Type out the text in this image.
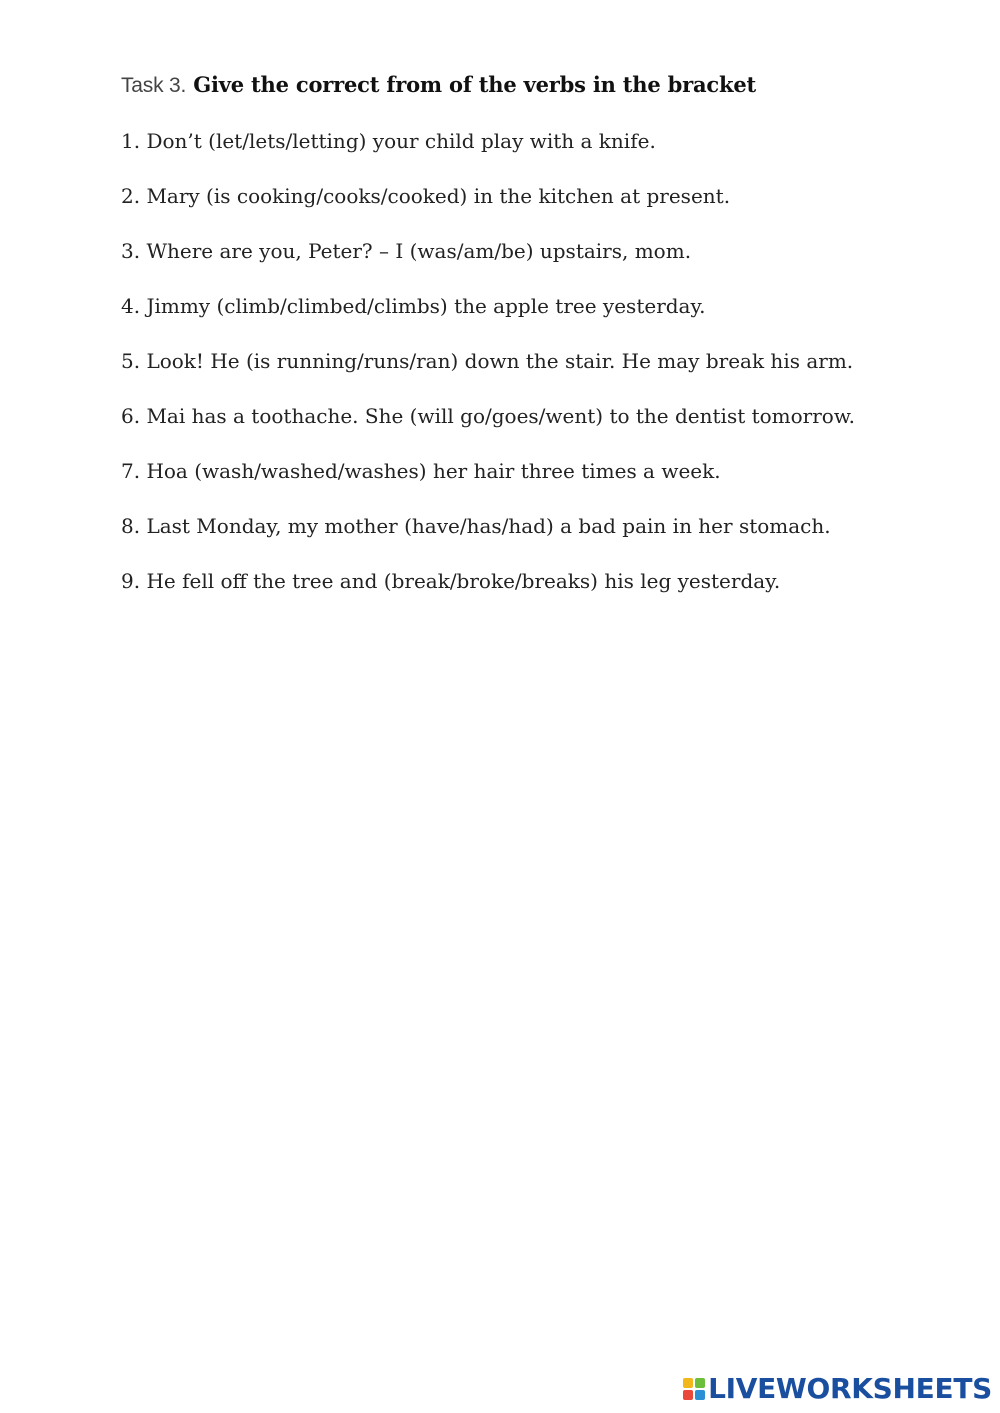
Task 3. Give the correct from of the verbs in the bracket
1. Don’t (let/lets/letting) your child play with a knife.
2. Mary (is cooking/cooks/cooked) in the kitchen at present.
3. Where are you, Peter? – I (was/am/be) upstairs, mom.
4. Jimmy (climb/climbed/climbs) the apple tree yesterday.
5. Look! He (is running/runs/ran) down the stair. He may break his arm.
6. Mai has a toothache. She (will go/goes/went) to the dentist tomorrow.
7. Hoa (wash/washed/washes) her hair three times a week.
8. Last Monday, my mother (have/has/had) a bad pain in her stomach.
9. He fell off the tree and (break/broke/breaks) his leg yesterday.
LIVEWORKSHEETS
